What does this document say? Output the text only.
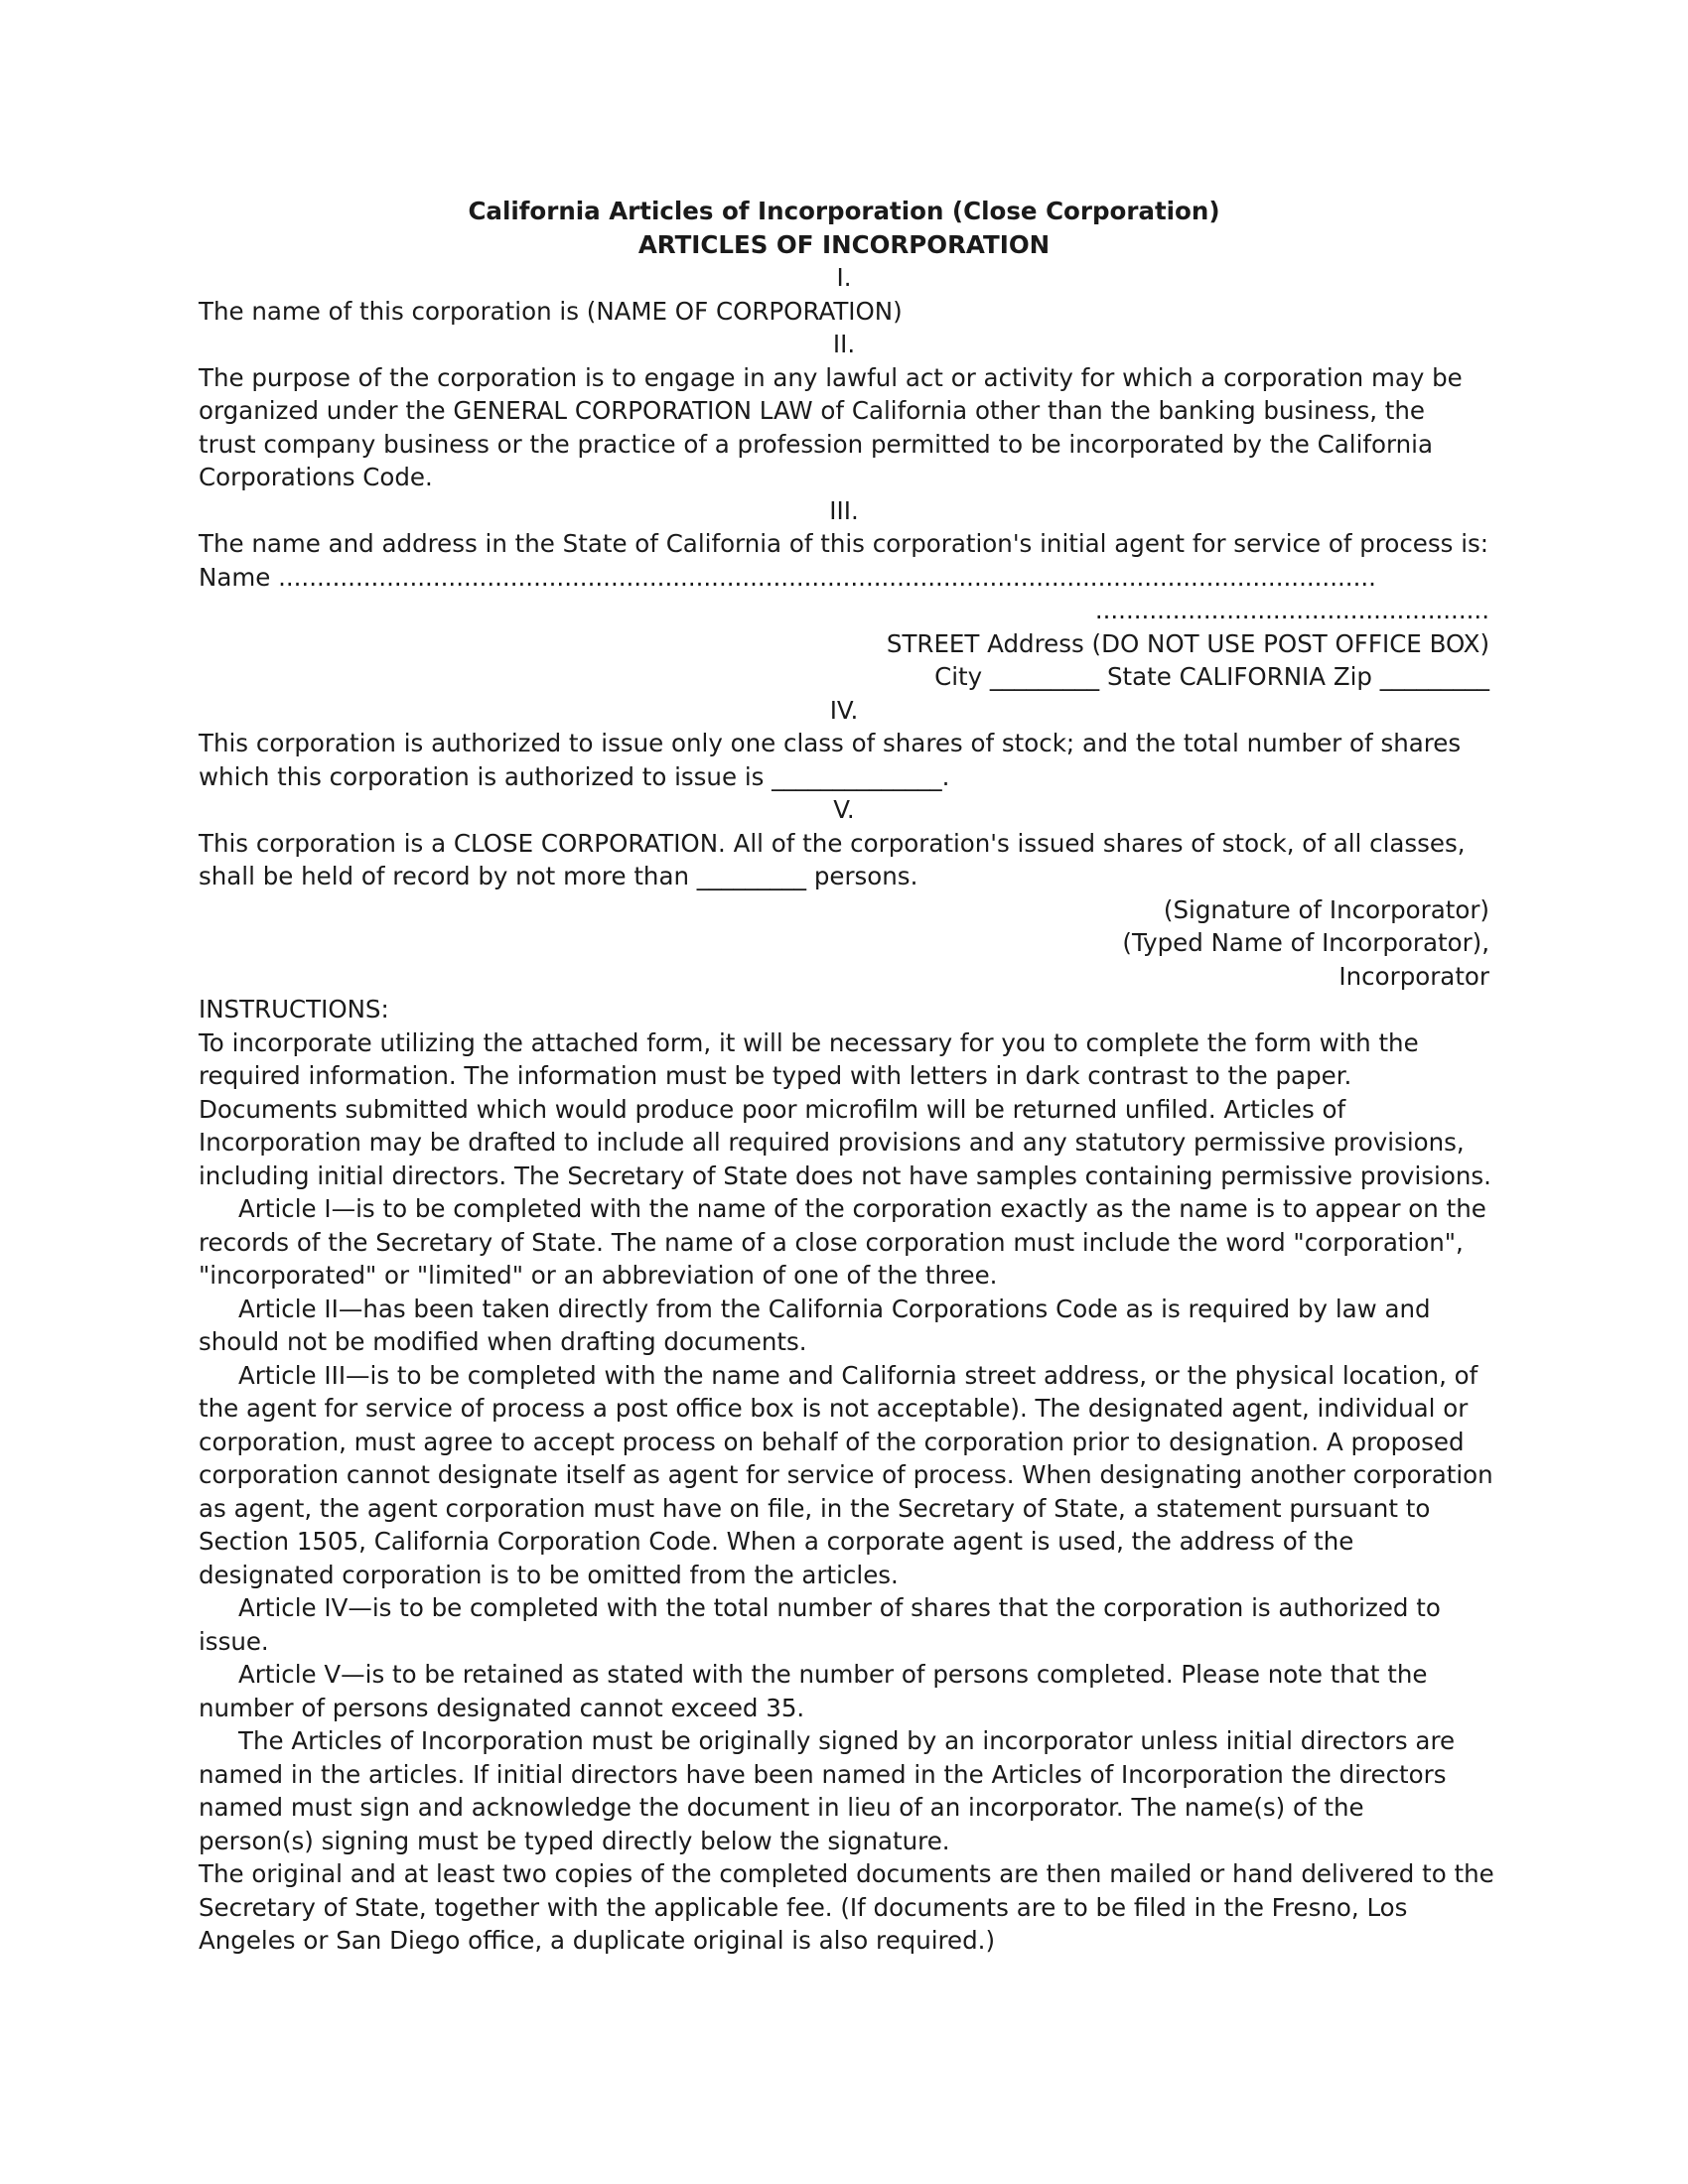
California Articles of Incorporation (Close Corporation)
ARTICLES OF INCORPORATION
I.
The name of this corporation is (NAME OF CORPORATION)
II.
The purpose of the corporation is to engage in any lawful act or activity for which a corporation may be
organized under the GENERAL CORPORATION LAW of California other than the banking business, the
trust company business or the practice of a profession permitted to be incorporated by the California
Corporations Code.
III.
The name and address in the State of California of this corporation's initial agent for service of process is:
Name ..............................................................................................................................................
...................................................
STREET Address (DO NOT USE POST OFFICE BOX)
City _________ State CALIFORNIA Zip _________
IV.
This corporation is authorized to issue only one class of shares of stock; and the total number of shares
which this corporation is authorized to issue is ______________.
V.
This corporation is a CLOSE CORPORATION. All of the corporation's issued shares of stock, of all classes,
shall be held of record by not more than _________ persons.
(Signature of Incorporator)
(Typed Name of Incorporator),
Incorporator
INSTRUCTIONS:
To incorporate utilizing the attached form, it will be necessary for you to complete the form with the
required information. The information must be typed with letters in dark contrast to the paper.
Documents submitted which would produce poor microfilm will be returned unfiled. Articles of
Incorporation may be drafted to include all required provisions and any statutory permissive provisions,
including initial directors. The Secretary of State does not have samples containing permissive provisions.
Article I—is to be completed with the name of the corporation exactly as the name is to appear on the
records of the Secretary of State. The name of a close corporation must include the word "corporation",
"incorporated" or "limited" or an abbreviation of one of the three.
Article II—has been taken directly from the California Corporations Code as is required by law and
should not be modified when drafting documents.
Article III—is to be completed with the name and California street address, or the physical location, of
the agent for service of process a post office box is not acceptable). The designated agent, individual or
corporation, must agree to accept process on behalf of the corporation prior to designation. A proposed
corporation cannot designate itself as agent for service of process. When designating another corporation
as agent, the agent corporation must have on file, in the Secretary of State, a statement pursuant to
Section 1505, California Corporation Code. When a corporate agent is used, the address of the
designated corporation is to be omitted from the articles.
Article IV—is to be completed with the total number of shares that the corporation is authorized to
issue.
Article V—is to be retained as stated with the number of persons completed. Please note that the
number of persons designated cannot exceed 35.
The Articles of Incorporation must be originally signed by an incorporator unless initial directors are
named in the articles. If initial directors have been named in the Articles of Incorporation the directors
named must sign and acknowledge the document in lieu of an incorporator. The name(s) of the
person(s) signing must be typed directly below the signature.
The original and at least two copies of the completed documents are then mailed or hand delivered to the
Secretary of State, together with the applicable fee. (If documents are to be filed in the Fresno, Los
Angeles or San Diego office, a duplicate original is also required.)
